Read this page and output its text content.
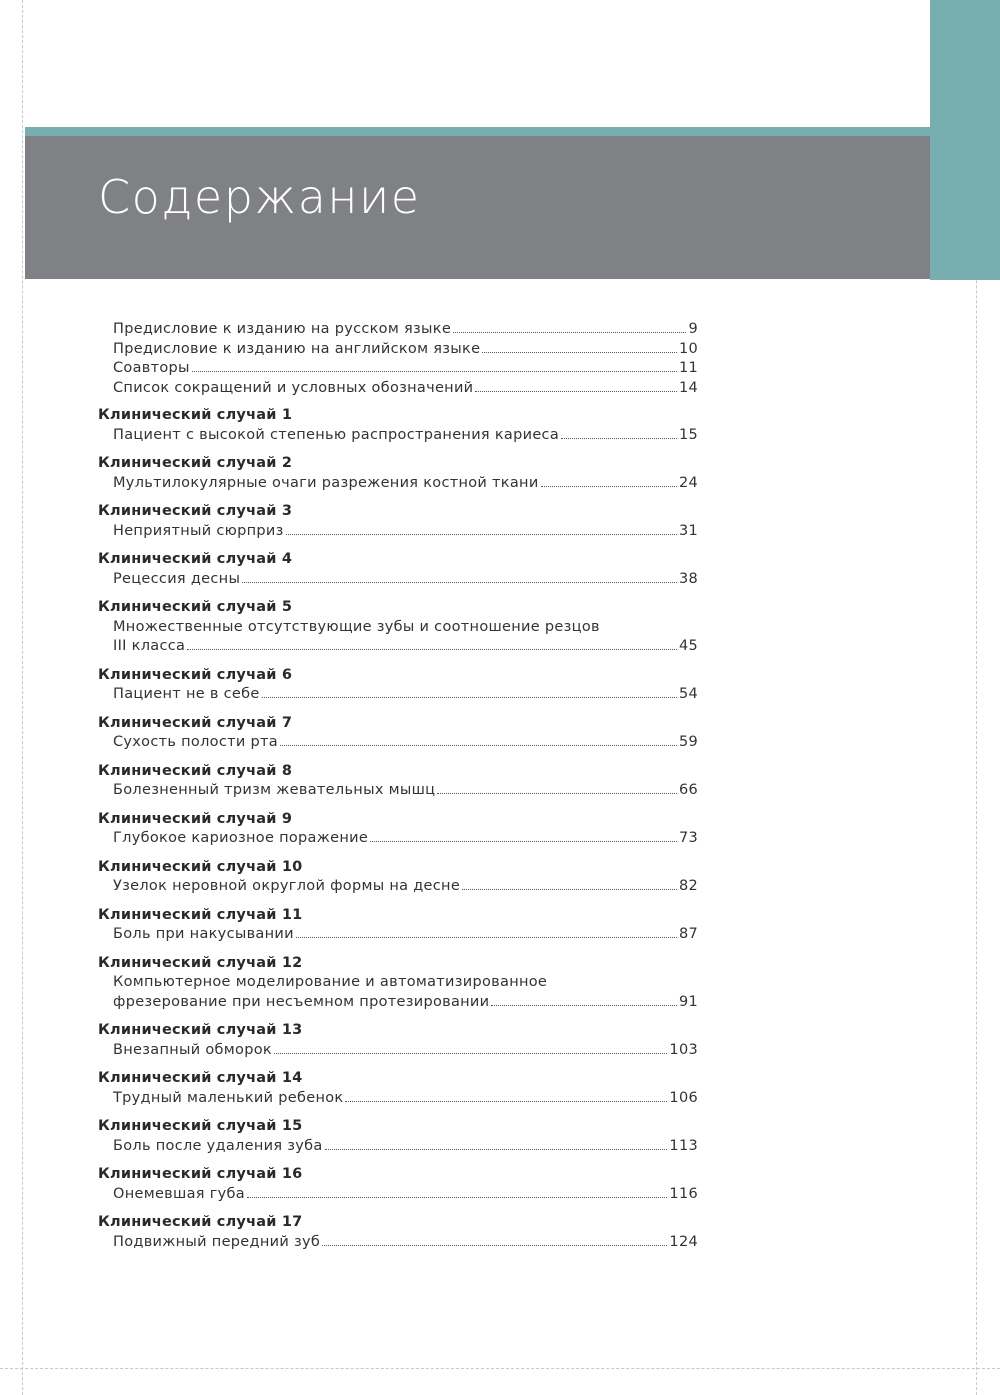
Содержание
Предисловие к изданию на русском языке	9
Предисловие к изданию на английском языке	10
Соавторы	11
Список сокращений и условных обозначений	14
Клинический случай 1
Пациент с высокой степенью распространения кариеса	15
Клинический случай 2
Мультилокулярные очаги разрежения костной ткани	24
Клинический случай 3
Неприятный сюрприз	31
Клинический случай 4
Рецессия десны	38
Клинический случай 5
Множественные отсутствующие зубы и соотношение резцов
III класса	45
Клинический случай 6
Пациент не в себе	54
Клинический случай 7
Сухость полости рта	59
Клинический случай 8
Болезненный тризм жевательных мышц	66
Клинический случай 9
Глубокое кариозное поражение	73
Клинический случай 10
Узелок неровной округлой формы на десне	82
Клинический случай 11
Боль при накусывании	87
Клинический случай 12
Компьютерное моделирование и автоматизированное
фрезерование при несъемном протезировании	91
Клинический случай 13
Внезапный обморок	103
Клинический случай 14
Трудный маленький ребенок	106
Клинический случай 15
Боль после удаления зуба	113
Клинический случай 16
Онемевшая губа	116
Клинический случай 17
Подвижный передний зуб	124
